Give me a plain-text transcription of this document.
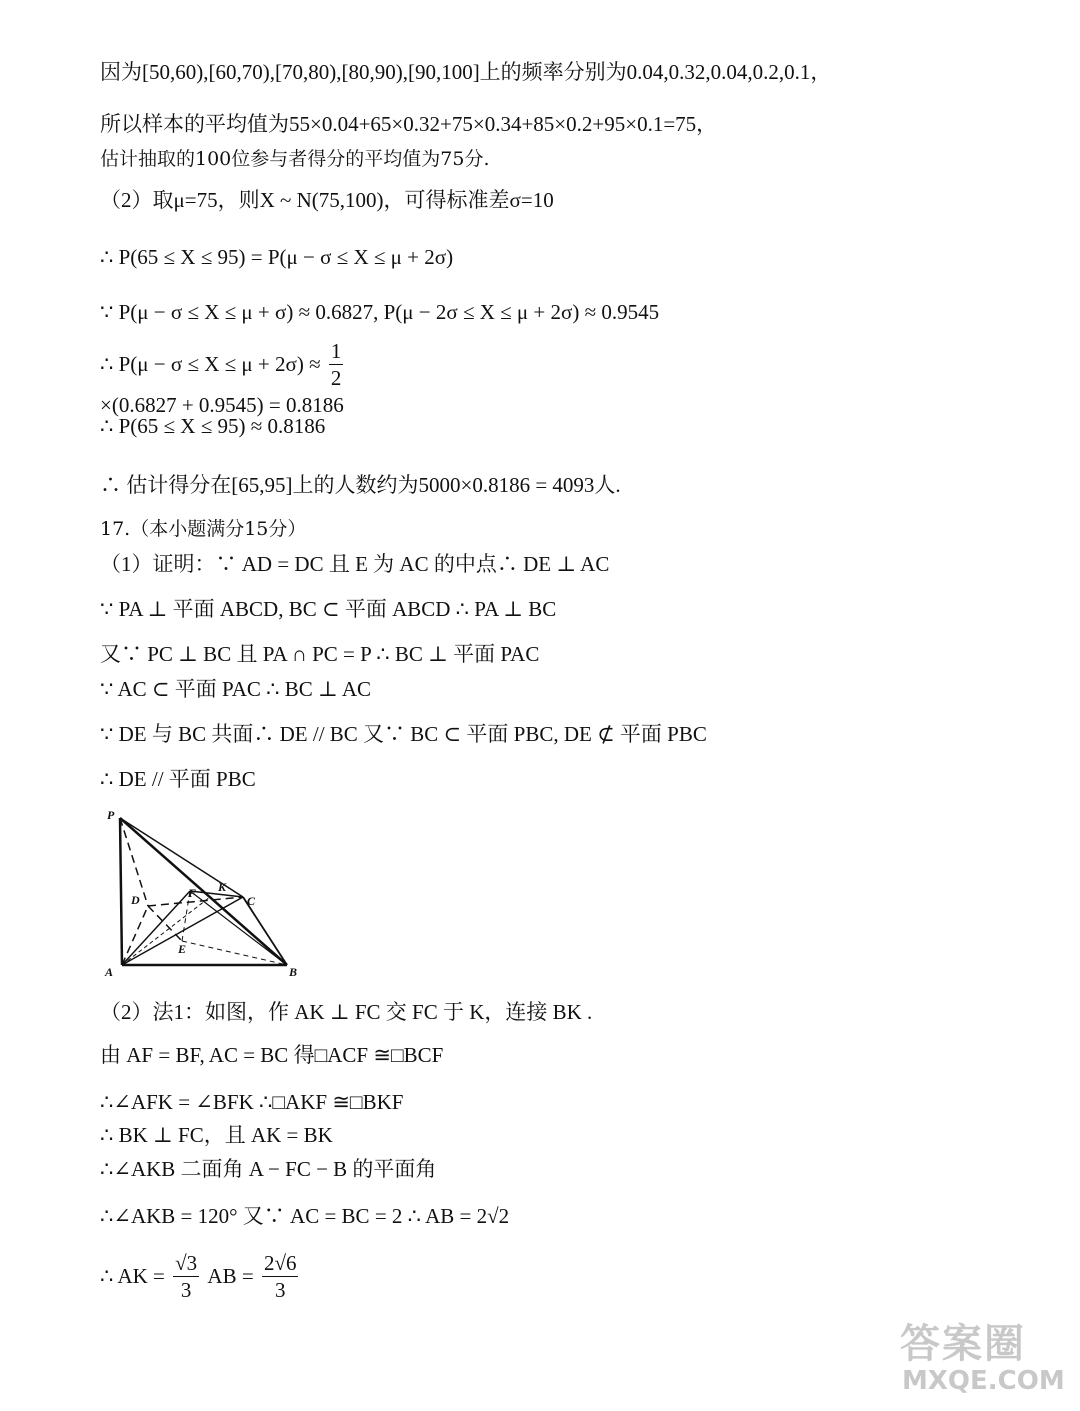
因为[50,60),[60,70),[70,80),[80,90),[90,100]上的频率分别为0.04,0.32,0.04,0.2,0.1，
所以样本的平均值为55×0.04+65×0.32+75×0.34+85×0.2+95×0.1=75，
估计抽取的100位参与者得分的平均值为75分.
（2）取μ=75，则X ~ N(75,100)，可得标准差σ=10
∴ P(65 ≤ X ≤ 95) = P(μ − σ ≤ X ≤ μ + 2σ)
∵ P(μ − σ ≤ X ≤ μ + σ) ≈ 0.6827, P(μ − 2σ ≤ X ≤ μ + 2σ) ≈ 0.9545
∴ $P(\mu - \sigma \le X \le \mu + 2\sigma) \approx \frac{1}{2}$
×(0.6827 + 0.9545) = 0.8186
∴ P(65 ≤ X ≤ 95) ≈ 0.8186
∴ 估计得分在[65,95]上的人数约为5000×0.8186 = 4093人.
17.（本小题满分15分）
（1）证明：∵ AD = DC 且 E 为 AC 的中点∴ DE ⊥ AC
∵ PA ⊥ 平面 ABCD, BC ⊂ 平面 ABCD ∴ PA ⊥ BC
又∵ PC ⊥ BC 且 PA ∩ PC = P ∴ BC ⊥ 平面 PAC
∵ AC ⊂ 平面 PAC ∴ BC ⊥ AC
∵ DE 与 BC 共面∴ DE // BC 又∵ BC ⊂ 平面 PBC, DE ⊄ 平面 PBC
∴ DE // 平面 PBC
P
D	F K
C
E
A	B
（2）法1：如图，作 AK ⊥ FC 交 FC 于 K，连接 BK .
由 AF = BF, AC = BC 得□ACF ≅□BCF
∴∠AFK = ∠BFK ∴□AKF ≅□BKF
∴ BK ⊥ FC，且 AK = BK
∴∠AKB 二面角 A − FC − B 的平面角
∴∠AKB = 120° 又∵ AC = BC = 2 ∴ AB = 2√2
∴ AK = $\frac{√3}{3}$ AB = $\frac{2√6}{3}$
答案圈
MXQE.COM
